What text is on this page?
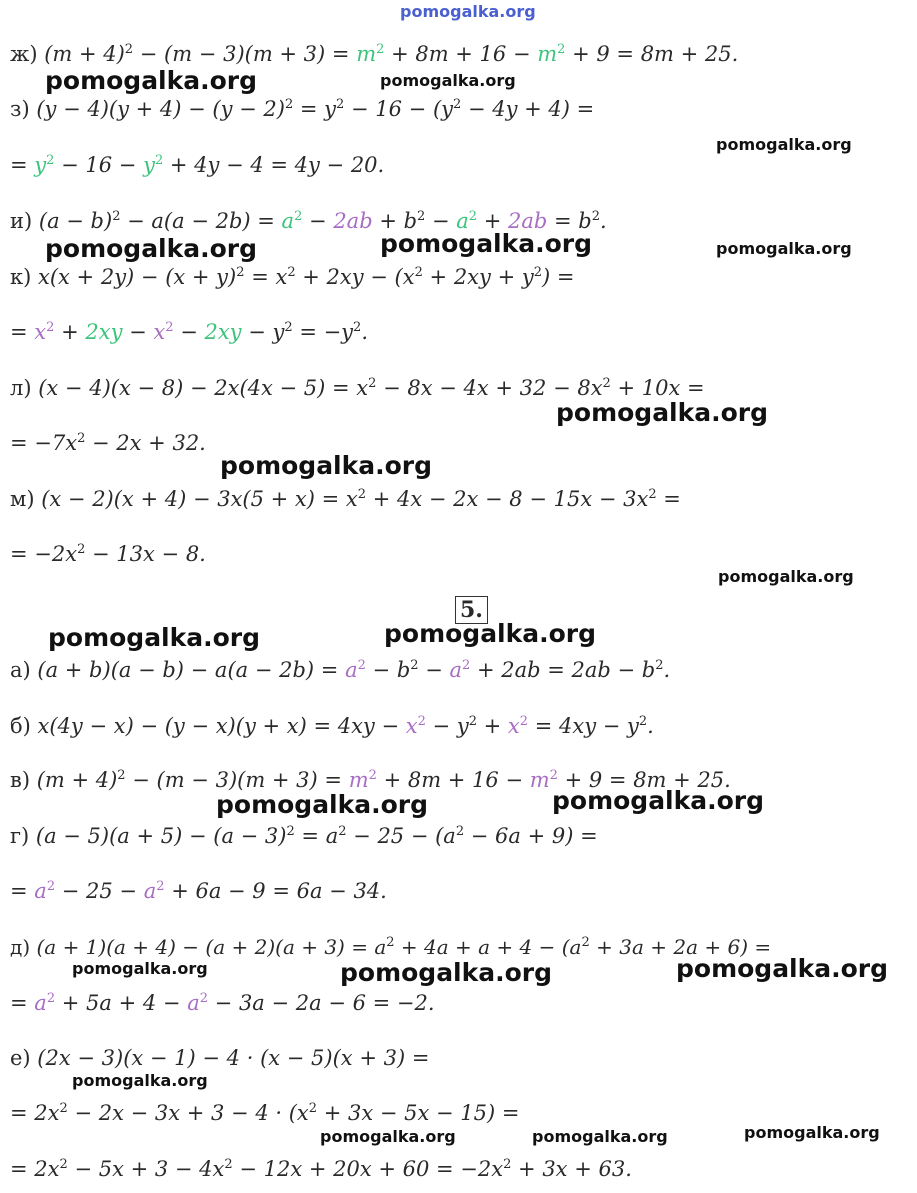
pomogalka.org
ж) $(m + 4)^2 - (m - 3)(m + 3) = m^2 + 8m + 16 - m^2 + 9 = 8m + 25$.
з) $(y - 4)(y + 4) - (y - 2)^2 = y^2 - 16 - (y^2 - 4y + 4)$ =
= $y^2 - 16 - y^2 + 4y - 4 = 4y - 20$.
и) $(a - b)^2 - a(a - 2b) = a^2 - 2ab + b^2 - a^2 + 2ab = b^2$.
к) $x(x + 2y) - (x + y)^2 = x^2 + 2xy - (x^2 + 2xy + y^2)$ =
= $x^2 + 2xy - x^2 - 2xy - y^2 = -y^2$.
л) $(x - 4)(x - 8) - 2x(4x - 5) = x^2 - 8x - 4x + 32 - 8x^2 + 10x$ =
= $-7x^2 - 2x + 32$.
м) $(x - 2)(x + 4) - 3x(5 + x) = x^2 + 4x - 2x - 8 - 15x - 3x^2$ =
= $-2x^2 - 13x - 8$.
5.
а) $(a + b)(a - b) - a(a - 2b) = a^2 - b^2 - a^2 + 2ab = 2ab - b^2$.
б) $x(4y - x) - (y - x)(y + x) = 4xy - x^2 - y^2 + x^2 = 4xy - y^2$.
в) $(m + 4)^2 - (m - 3)(m + 3) = m^2 + 8m + 16 - m^2 + 9 = 8m + 25$.
г) $(a - 5)(a + 5) - (a - 3)^2 = a^2 - 25 - (a^2 - 6a + 9)$ =
= $a^2 - 25 - a^2 + 6a - 9 = 6a - 34$.
д) $(a + 1)(a + 4) - (a + 2)(a + 3) = a^2 + 4a + a + 4 - (a^2 + 3a + 2a + 6)$ =
= $a^2 + 5a + 4 - a^2 - 3a - 2a - 6 = -2$.
е) (2x − 3)(x − 1) − 4 · (x − 5)(x + 3) =
= $2x^2 - 2x - 3x + 3 - 4 \cdot (x^2 + 3x - 5x - 15)$ =
= $2x^2 - 5x + 3 - 4x^2 - 12x + 20x + 60 = -2x^2 + 3x + 63$.
pomogalka.org	pomogalka.org
pomogalka.org
pomogalka.org	pomogalka.org	pomogalka.org
pomogalka.org
pomogalka.org
pomogalka.org
pomogalka.org	pomogalka.org
pomogalka.org	pomogalka.org
pomogalka.org	pomogalka.org	pomogalka.org
pomogalka.org
pomogalka.org	pomogalka.org	pomogalka.org
